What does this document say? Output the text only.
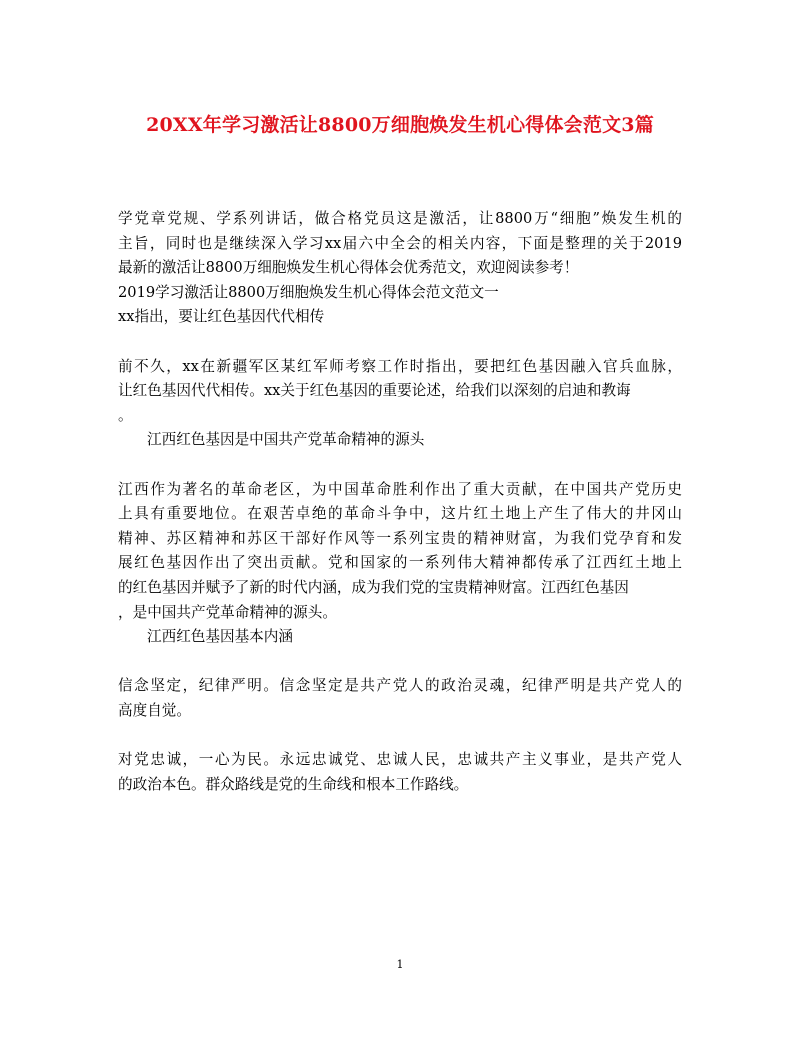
20XX年学习激活让8800万细胞焕发生机心得体会范文3篇
学党章党规、学系列讲话，做合格党员这是激活，让8800万“细胞”焕发生机的
主旨，同时也是继续深入学习xx届六中全会的相关内容，下面是整理的关于2019
最新的激活让8800万细胞焕发生机心得体会优秀范文，欢迎阅读参考！
2019学习激活让8800万细胞焕发生机心得体会范文范文一
xx指出，要让红色基因代代相传
前不久，xx在新疆军区某红军师考察工作时指出，要把红色基因融入官兵血脉，
让红色基因代代相传。xx关于红色基因的重要论述，给我们以深刻的启迪和教诲
。
江西红色基因是中国共产党革命精神的源头
江西作为著名的革命老区，为中国革命胜利作出了重大贡献，在中国共产党历史
上具有重要地位。在艰苦卓绝的革命斗争中，这片红土地上产生了伟大的井冈山
精神、苏区精神和苏区干部好作风等一系列宝贵的精神财富，为我们党孕育和发
展红色基因作出了突出贡献。党和国家的一系列伟大精神都传承了江西红土地上
的红色基因并赋予了新的时代内涵，成为我们党的宝贵精神财富。江西红色基因
，是中国共产党革命精神的源头。
江西红色基因基本内涵
信念坚定，纪律严明。信念坚定是共产党人的政治灵魂，纪律严明是共产党人的
高度自觉。
对党忠诚，一心为民。永远忠诚党、忠诚人民，忠诚共产主义事业，是共产党人
的政治本色。群众路线是党的生命线和根本工作路线。
1
